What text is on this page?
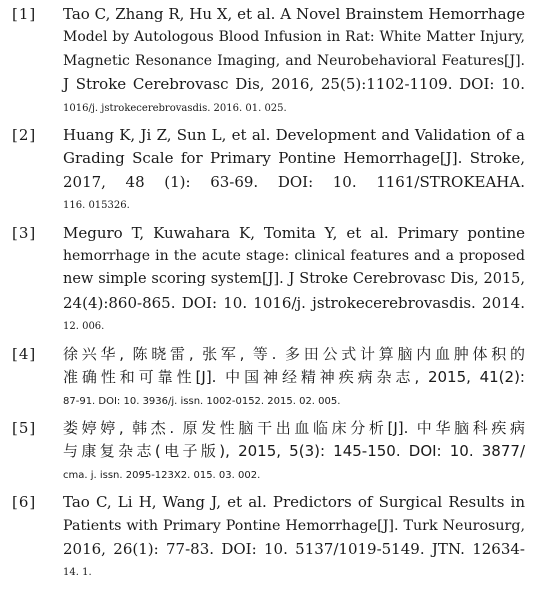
[1] Tao C, Zhang R, Hu X, et al. A Novel Brainstem Hemorrhage
Model by Autologous Blood Infusion in Rat: White Matter Injury,
Magnetic Resonance Imaging, and Neurobehavioral Features[J].
J Stroke Cerebrovasc Dis, 2016, 25(5):1102-1109. DOI: 10.
1016/j. jstrokecerebrovasdis. 2016. 01. 025.
[2] Huang K, Ji Z, Sun L, et al. Development and Validation of a
Grading Scale for Primary Pontine Hemorrhage[J]. Stroke,
2017, 48 (1): 63-69. DOI: 10. 1161/STROKEAHA.
116. 015326.
[3] Meguro T, Kuwahara K, Tomita Y, et al. Primary pontine
hemorrhage in the acute stage: clinical features and a proposed
new simple scoring system[J]. J Stroke Cerebrovasc Dis, 2015,
24(4):860-865. DOI: 10. 1016/j. jstrokecerebrovasdis. 2014.
12. 006.
[4] 徐兴华, 陈晓雷, 张军, 等. 多田公式计算脑内血肿体积的
准确性和可靠性[J]. 中国神经精神疾病杂志, 2015, 41(2):
87-91. DOI: 10. 3936/j. issn. 1002-0152. 2015. 02. 005.
[5] 娄婷婷, 韩杰. 原发性脑干出血临床分析[J]. 中华脑科疾病
与康复杂志(电子版), 2015, 5(3): 145-150. DOI: 10. 3877/
cma. j. issn. 2095-123X2. 015. 03. 002.
[6] Tao C, Li H, Wang J, et al. Predictors of Surgical Results in
Patients with Primary Pontine Hemorrhage[J]. Turk Neurosurg,
2016, 26(1): 77-83. DOI: 10. 5137/1019-5149. JTN. 12634-
14. 1.
